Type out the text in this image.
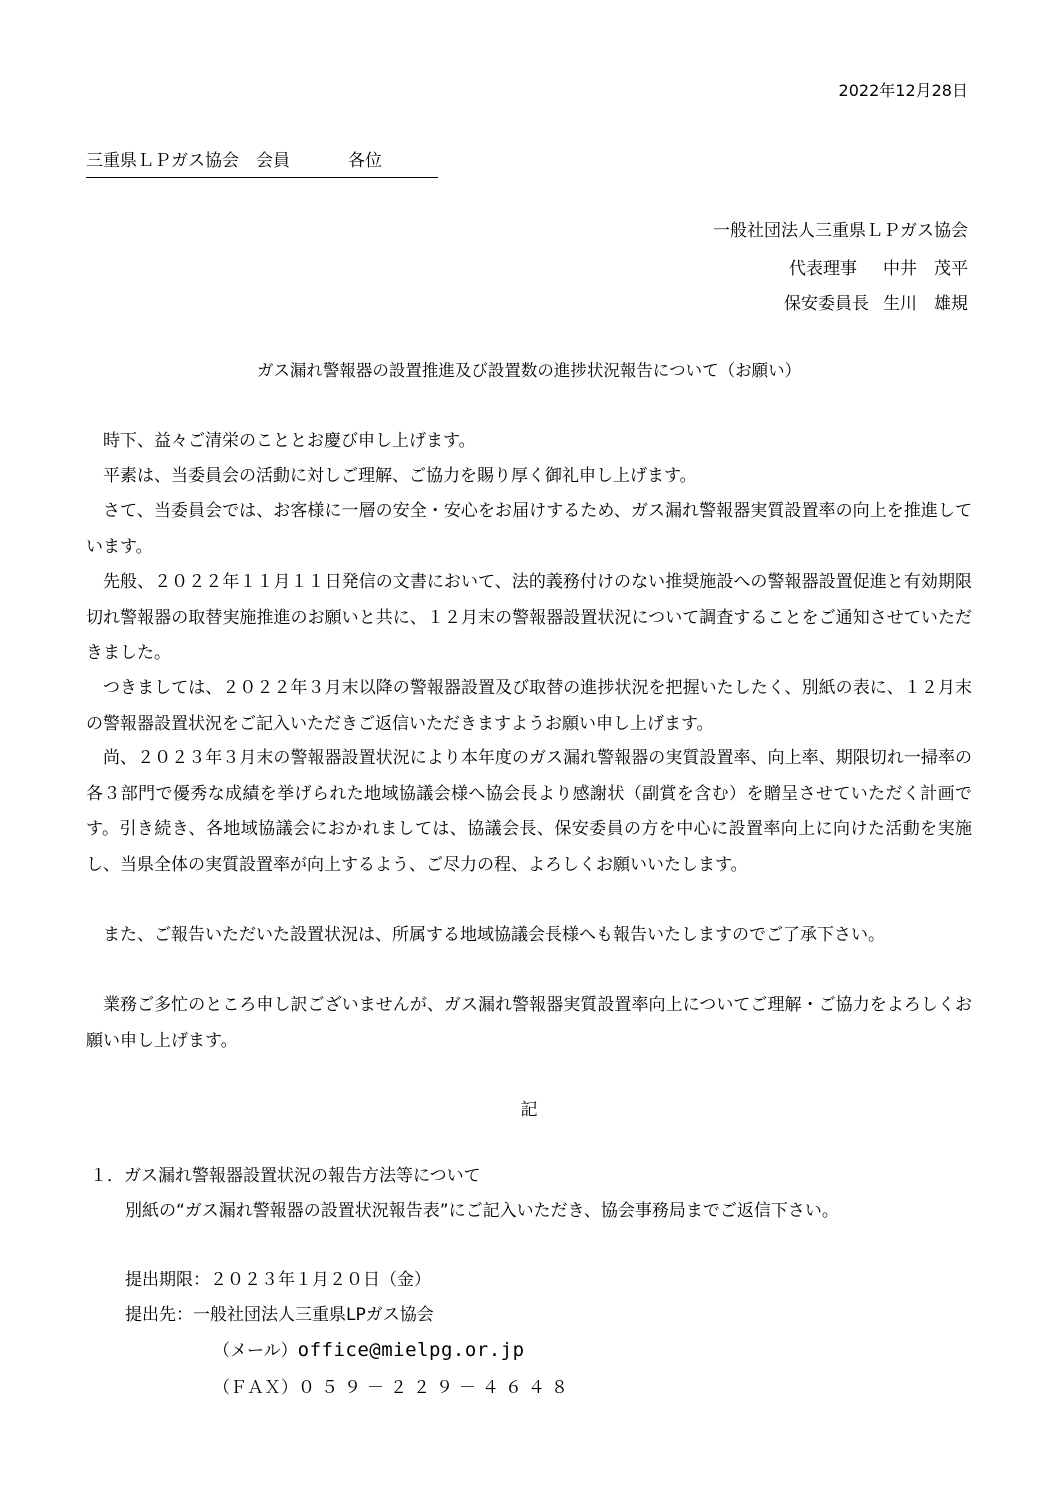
2022年12月28日
三重県ＬＰガス協会　会員	各位
一般社団法人三重県ＬＰガス協会
代表理事 中井　茂平
保安委員長 生川　雄規
ガス漏れ警報器の設置推進及び設置数の進捗状況報告について（お願い）
時下、益々ご清栄のこととお慶び申し上げます。
平素は、当委員会の活動に対しご理解、ご協力を賜り厚く御礼申し上げます。
さて、当委員会では、お客様に一層の安全・安心をお届けするため、ガス漏れ警報器実質設置率の向上を推進しています。
先般、２０２２年１１月１１日発信の文書において、法的義務付けのない推奨施設への警報器設置促進と有効期限切れ警報器の取替実施推進のお願いと共に、１２月末の警報器設置状況について調査することをご通知させていただきました。
つきましては、２０２２年３月末以降の警報器設置及び取替の進捗状況を把握いたしたく、別紙の表に、１２月末の警報器設置状況をご記入いただきご返信いただきますようお願い申し上げます。
尚、２０２３年３月末の警報器設置状況により本年度のガス漏れ警報器の実質設置率、向上率、期限切れ一掃率の各３部門で優秀な成績を挙げられた地域協議会様へ協会長より感謝状（副賞を含む）を贈呈させていただく計画です。引き続き、各地域協議会におかれましては、協議会長、保安委員の方を中心に設置率向上に向けた活動を実施し、当県全体の実質設置率が向上するよう、ご尽力の程、よろしくお願いいたします。
また、ご報告いただいた設置状況は、所属する地域協議会長様へも報告いたしますのでご了承下さい。
業務ご多忙のところ申し訳ございませんが、ガス漏れ警報器実質設置率向上についてご理解・ご協力をよろしくお願い申し上げます。
記
１．ガス漏れ警報器設置状況の報告方法等について
別紙の“ガス漏れ警報器の設置状況報告表”にご記入いただき、協会事務局までご返信下さい。
提出期限：２０２３年１月２０日（金）
提出先：一般社団法人三重県LPガス協会
（メール）office@mielpg.or.jp
（ＦＡＸ）０５９－２２９－４６４８
